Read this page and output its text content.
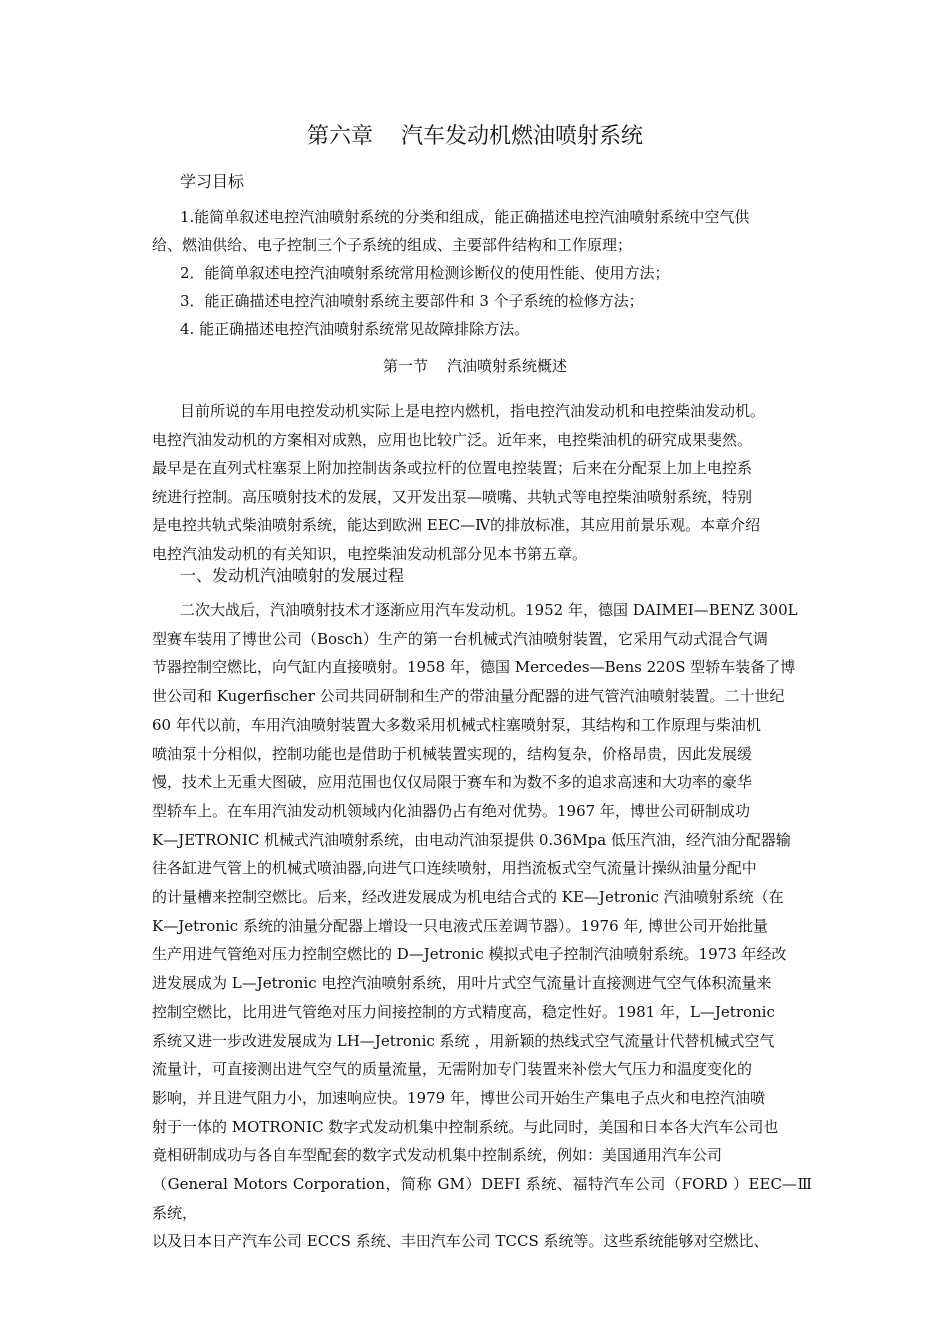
第六章    汽车发动机燃油喷射系统
学习目标
1.能简单叙述电控汽油喷射系统的分类和组成，能正确描述电控汽油喷射系统中空气供
给、燃油供给、电子控制三个子系统的组成、主要部件结构和工作原理；
2．能简单叙述电控汽油喷射系统常用检测诊断仪的使用性能、使用方法；
3．能正确描述电控汽油喷射系统主要部件和 3 个子系统的检修方法；
4. 能正确描述电控汽油喷射系统常见故障排除方法。
第一节    汽油喷射系统概述
目前所说的车用电控发动机实际上是电控内燃机，指电控汽油发动机和电控柴油发动机。
电控汽油发动机的方案相对成熟，应用也比较广泛。近年来，电控柴油机的研究成果斐然。
最早是在直列式柱塞泵上附加控制齿条或拉杆的位置电控装置；后来在分配泵上加上电控系
统进行控制。高压喷射技术的发展，又开发出泵—喷嘴、共轨式等电控柴油喷射系统，特别
是电控共轨式柴油喷射系统，能达到欧洲 EEC—Ⅳ的排放标准，其应用前景乐观。本章介绍
电控汽油发动机的有关知识，电控柴油发动机部分见本书第五章。
一、发动机汽油喷射的发展过程
二次大战后，汽油喷射技术才逐渐应用汽车发动机。1952 年，德国 DAIMEI—BENZ 300L
型赛车装用了博世公司（Bosch）生产的第一台机械式汽油喷射装置，它采用气动式混合气调
节器控制空燃比，向气缸内直接喷射。1958 年，德国 Mercedes—Bens 220S 型轿车装备了博
世公司和 Kugerfischer 公司共同研制和生产的带油量分配器的进气管汽油喷射装置。二十世纪
60 年代以前，车用汽油喷射装置大多数采用机械式柱塞喷射泵，其结构和工作原理与柴油机
喷油泵十分相似，控制功能也是借助于机械装置实现的，结构复杂，价格昂贵，因此发展缓
慢，技术上无重大图破，应用范围也仅仅局限于赛车和为数不多的追求高速和大功率的豪华
型轿车上。在车用汽油发动机领域内化油器仍占有绝对优势。1967 年，博世公司研制成功
K—JETRONIC 机械式汽油喷射系统，由电动汽油泵提供 0.36Mpa 低压汽油，经汽油分配器输
往各缸进气管上的机械式喷油器,向进气口连续喷射，用挡流板式空气流量计操纵油量分配中
的计量槽来控制空燃比。后来，经改进发展成为机电结合式的 KE—Jetronic 汽油喷射系统（在
K—Jetronic 系统的油量分配器上增设一只电液式压差调节器）。1976 年, 博世公司开始批量
生产用进气管绝对压力控制空燃比的 D—Jetronic 模拟式电子控制汽油喷射系统。1973 年经改
进发展成为 L—Jetronic 电控汽油喷射系统，用叶片式空气流量计直接测进气空气体积流量来
控制空燃比，比用进气管绝对压力间接控制的方式精度高，稳定性好。1981 年，L—Jetronic
系统又进一步改进发展成为 LH—Jetronic 系统 ，用新颖的热线式空气流量计代替机械式空气
流量计，可直接测出进气空气的质量流量，无需附加专门装置来补偿大气压力和温度变化的
影响，并且进气阻力小，加速响应快。1979 年，博世公司开始生产集电子点火和电控汽油喷
射于一体的 MOTRONIC 数字式发动机集中控制系统。与此同时，美国和日本各大汽车公司也
竟相研制成功与各自车型配套的数字式发动机集中控制系统，例如：美国通用汽车公司
（General Motors Corporation，简称 GM）DEFI 系统、福特汽车公司（FORD ）EEC—Ⅲ系统，
以及日本日产汽车公司 ECCS 系统、丰田汽车公司 TCCS 系统等。这些系统能够对空燃比、
